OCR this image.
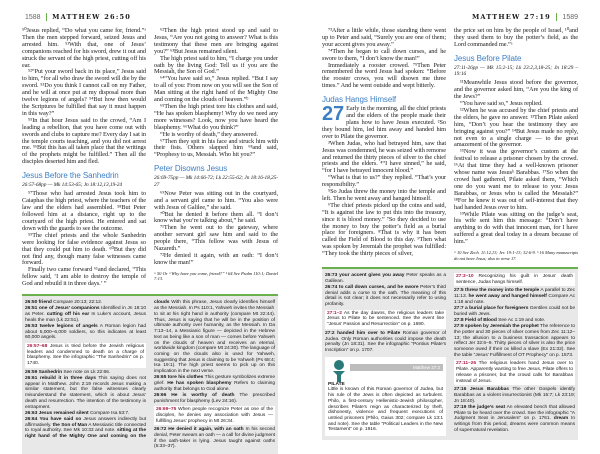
1588 MATTHEW 26:50	MATTHEW 27:19 1589

⁵⁰Jesus replied, “Do what you came for, friend.”ᵃ Then the men stepped forward, seized Jesus and arrested him. ⁵¹With that, one of Jesus’ companions reached for his sword, drew it out and struck the servant of the high priest, cutting off his ear.

⁵²“Put your sword back in its place,” Jesus said to him, “for all who draw the sword will die by the sword. ⁵³Do you think I cannot call on my Father, and he will at once put at my disposal more than twelve legions of angels? ⁵⁴But how then would the Scriptures be fulfilled that say it must happen in this way?”

⁵⁵In that hour Jesus said to the crowd, “Am I leading a rebellion, that you have come out with swords and clubs to capture me? Every day I sat in the temple courts teaching, and you did not arrest me. ⁵⁶But this has all taken place that the writings of the prophets might be fulfilled.” Then all the disciples deserted him and fled.

Jesus Before the Sanhedrin

26:57-68pp — Mk 14:53-65; Jn 18:12,13,19-24

⁵⁷Those who had arrested Jesus took him to Caiaphas the high priest, where the teachers of the law and the elders had assembled. ⁵⁸But Peter followed him at a distance, right up to the courtyard of the high priest. He entered and sat down with the guards to see the outcome.

⁵⁹The chief priests and the whole Sanhedrin were looking for false evidence against Jesus so that they could put him to death. ⁶⁰But they did not find any, though many false witnesses came forward.

Finally two came forward ⁶¹and declared, “This fellow said, ‘I am able to destroy the temple of God and rebuild it in three days.’ ”

⁶²Then the high priest stood up and said to Jesus, “Are you not going to answer? What is this testimony that these men are bringing against you?” ⁶³But Jesus remained silent.

The high priest said to him, “I charge you under oath by the living God: Tell us if you are the Messiah, the Son of God.”

⁶⁴“You have said so,” Jesus replied. “But I say to all of you: From now on you will see the Son of Man sitting at the right hand of the Mighty One and coming on the clouds of heaven.”ᵇ

⁶⁵Then the high priest tore his clothes and said, “He has spoken blasphemy! Why do we need any more witnesses? Look, now you have heard the blasphemy. ⁶⁶What do you think?”

“He is worthy of death,” they answered.

⁶⁷Then they spit in his face and struck him with their fists. Others slapped him ⁶⁸and said, “Prophesy to us, Messiah. Who hit you?”

Peter Disowns Jesus

26:69-75pp — Mk 14:66-72; Lk 22:55-62; Jn 18:16-18,25-27

⁶⁹Now Peter was sitting out in the courtyard, and a servant girl came to him. “You also were with Jesus of Galilee,” she said.

⁷⁰But he denied it before them all. “I don’t know what you’re talking about,” he said.

⁷¹Then he went out to the gateway, where another servant girl saw him and said to the people there, “This fellow was with Jesus of Nazareth.”

⁷²He denied it again, with an oath: “I don’t know the man!”

ᵃ 50 Or “Why have you come, friend?” ᵇ 64 See Psalm 110:1; Daniel 7:13.

26:50 friend Compare 20:13; 22:12.
26:51 one of Jesus’ companions Identified in Jn 18:10 as Peter. cutting off his ear In Luke’s account, Jesus heals the man (Lk 22:51).
26:53 twelve legions of angels A Roman legion had about 5,000–6,000 soldiers, so this indicates at least 60,000 angels.
26:57–68 Jesus is tried before the Jewish religious leaders and condemned to death on a charge of blasphemy. See the infographic “The Sanhedrin” on p. 1740.
26:59 Sanhedrin See note on Lk 22:66.
26:61 rebuild it in three days This saying does not appear in Matthew. John 2:19 records Jesus making a similar statement, but the false witnesses clearly misunderstand the statement, which is about Jesus’ death and resurrection. The intention of the testimony is entrapment.
26:63 Jesus remained silent Compare Isa 53:7.
26:64 You have said so Jesus answers indirectly but affirmatively. the Son of Man A Messianic title connected to royal authority. See Mk 10:33 and note. sitting at the right hand of the Mighty One and coming on the clouds With this phrase, Jesus clearly identifies himself as the Messiah. In Ps 110:1, Yahweh invites the Messiah
to sit at his right hand in authority (compare Mt 22:44). Thus, Jesus is saying that he will be in the position of ultimate authority over humanity, as the Messiah. In Da 7:13–14, a Messianic figure — depicted in the Hebrew text as being like a son of man — comes before Yahweh on the clouds of heaven and receives an eternal, worldwide kingdom (compare Mt 24:30). The language of coming on the clouds also is used for Yahweh, suggesting that Jesus is claiming to be Yahweh (Ps 68:4; Isa 19:1). The high priest seems to pick up on this implication in the next verse.
26:65 tore his clothes This gesture symbolizes extreme grief. He has spoken blasphemy Refers to claiming authority that belongs to God alone.
26:66 He is worthy of death The prescribed punishment for blasphemy (Lev 24:16).
26:69–75 When people recognize Peter as one of the disciples, he denies any association with Jesus — fulfilling Jesus’ prophecy in Mt 26:34.
26:72 He denied it again, with an oath In his second denial, Peter swears an oath — a call for divine judgment if the oath-taker is lying. Jesus taught against oaths (5:33–37).

⁷³After a little while, those standing there went up to Peter and said, “Surely you are one of them; your accent gives you away.”

⁷⁴Then he began to call down curses, and he swore to them, “I don’t know the man!”

Immediately a rooster crowed. ⁷⁵Then Peter remembered the word Jesus had spoken: “Before the rooster crows, you will disown me three times.” And he went outside and wept bitterly.

Judas Hangs Himself

27 Early in the morning, all the chief priests and the elders of the people made their plans how to have Jesus executed. ²So they bound him, led him away and handed him over to Pilate the governor.

³When Judas, who had betrayed him, saw that Jesus was condemned, he was seized with remorse and returned the thirty pieces of silver to the chief priests and the elders. ⁴“I have sinned,” he said, “for I have betrayed innocent blood.”

“What is that to us?” they replied. “That’s your responsibility.”

⁵So Judas threw the money into the temple and left. Then he went away and hanged himself.

⁶The chief priests picked up the coins and said, “It is against the law to put this into the treasury, since it is blood money.” ⁷So they decided to use the money to buy the potter’s field as a burial place for foreigners. ⁸That is why it has been called the Field of Blood to this day. ⁹Then what was spoken by Jeremiah the prophet was fulfilled: “They took the thirty pieces of silver,

the price set on him by the people of Israel, ¹⁰and they used them to buy the potter’s field, as the Lord commanded me.”ᵃ

Jesus Before Pilate

27:11-26pp — Mk 15:2-15; Lk 23:2,3,18-25; Jn 18:29 – 19:16

¹¹Meanwhile Jesus stood before the governor, and the governor asked him, “Are you the king of the Jews?”

“You have said so,” Jesus replied.

¹²When he was accused by the chief priests and the elders, he gave no answer. ¹³Then Pilate asked him, “Don’t you hear the testimony they are bringing against you?” ¹⁴But Jesus made no reply, not even to a single charge — to the great amazement of the governor.

¹⁵Now it was the governor’s custom at the festival to release a prisoner chosen by the crowd. ¹⁶At that time they had a well-known prisoner whose name was Jesusᵇ Barabbas. ¹⁷So when the crowd had gathered, Pilate asked them, “Which one do you want me to release to you: Jesus Barabbas, or Jesus who is called the Messiah?” ¹⁸For he knew it was out of self-interest that they had handed Jesus over to him.

¹⁹While Pilate was sitting on the judge’s seat, his wife sent him this message: “Don’t have anything to do with that innocent man, for I have suffered a great deal today in a dream because of him.”

ᵃ 10 See Zech. 11:12,13; Jer. 19:1-13; 32:6-9. ᵇ 16 Many manuscripts do not have Jesus; also in verse 17.

26:73 your accent gives you away Peter speaks as a Galilean.
26:74 to call down curses, and he swore Peter’s third denial adds a curse to the oath. The meaning of this detail is not clear; it does not necessarily refer to using profanity.
27:1–2 As the day dawns, the religious leaders take Jesus to Pilate to be sentenced. See the event line “Jesus’ Passion and Resurrection” on p. 1690.
27:2 handed him over to Pilate Roman governor of Judea. Only Roman authorities could impose the death penalty (Jn 18:31). See the infographic “Pontius Pilate’s Inscription” on p. 1707.
Matthew 27:2
PILATE
Little is known of this Roman governor of Judea, but his rule of the Jews is often depicted as turbulent. Philo, a first-century Hellenistic-Jewish philosopher, describes Pilate’s reign as characterized by theft, dishonesty, violence and frequent executions of untried prisoners (Philo, Gaius 302; compare Lk 13:1 and note). See the table “Political Leaders in the New Testament” on p. 1916.
27:3–10 Recognizing his guilt in Jesus’ death sentence, Judas hangs himself.
27:5 threw the money into the temple A parallel to Zec 11:13. he went away and hanged himself Compare Ac 1:18 and note.
27:7 a burial place for foreigners Gentiles could not be buried with Jews.
27:8 Field of Blood See Ac 1:19 and note.
27:9 spoken by Jeremiah the prophet The reference to the potter and 30 pieces of silver comes from Zec 11:12–13; the allusion to a business transaction appears to reflect Jer 32:6–9. Thirty pieces of silver is also the price someone owed if their ox killed a slave (Ex 21:32). See the table “Jesus’ Fulfillment of OT Prophecy” on p. 1573.
27:11–26 The religious leaders hand Jesus over to Pilate. Apparently wanting to free Jesus, Pilate offers to release a prisoner, but the crowd calls for Barabbas instead of Jesus.
27:16 Jesus Barabbas The other Gospels identify Barabbas as a violent insurrectionist (Mk 15:7; Lk 23:19; Jn 18:40).
27:19 the judge’s seat An elevated bench that allowed Pilate to be heard over the crowd. See the infographic “A Judgment Seat in Jerusalem” on p. 1761. dream In writings from this period, dreams were common means of supernatural revelation.
